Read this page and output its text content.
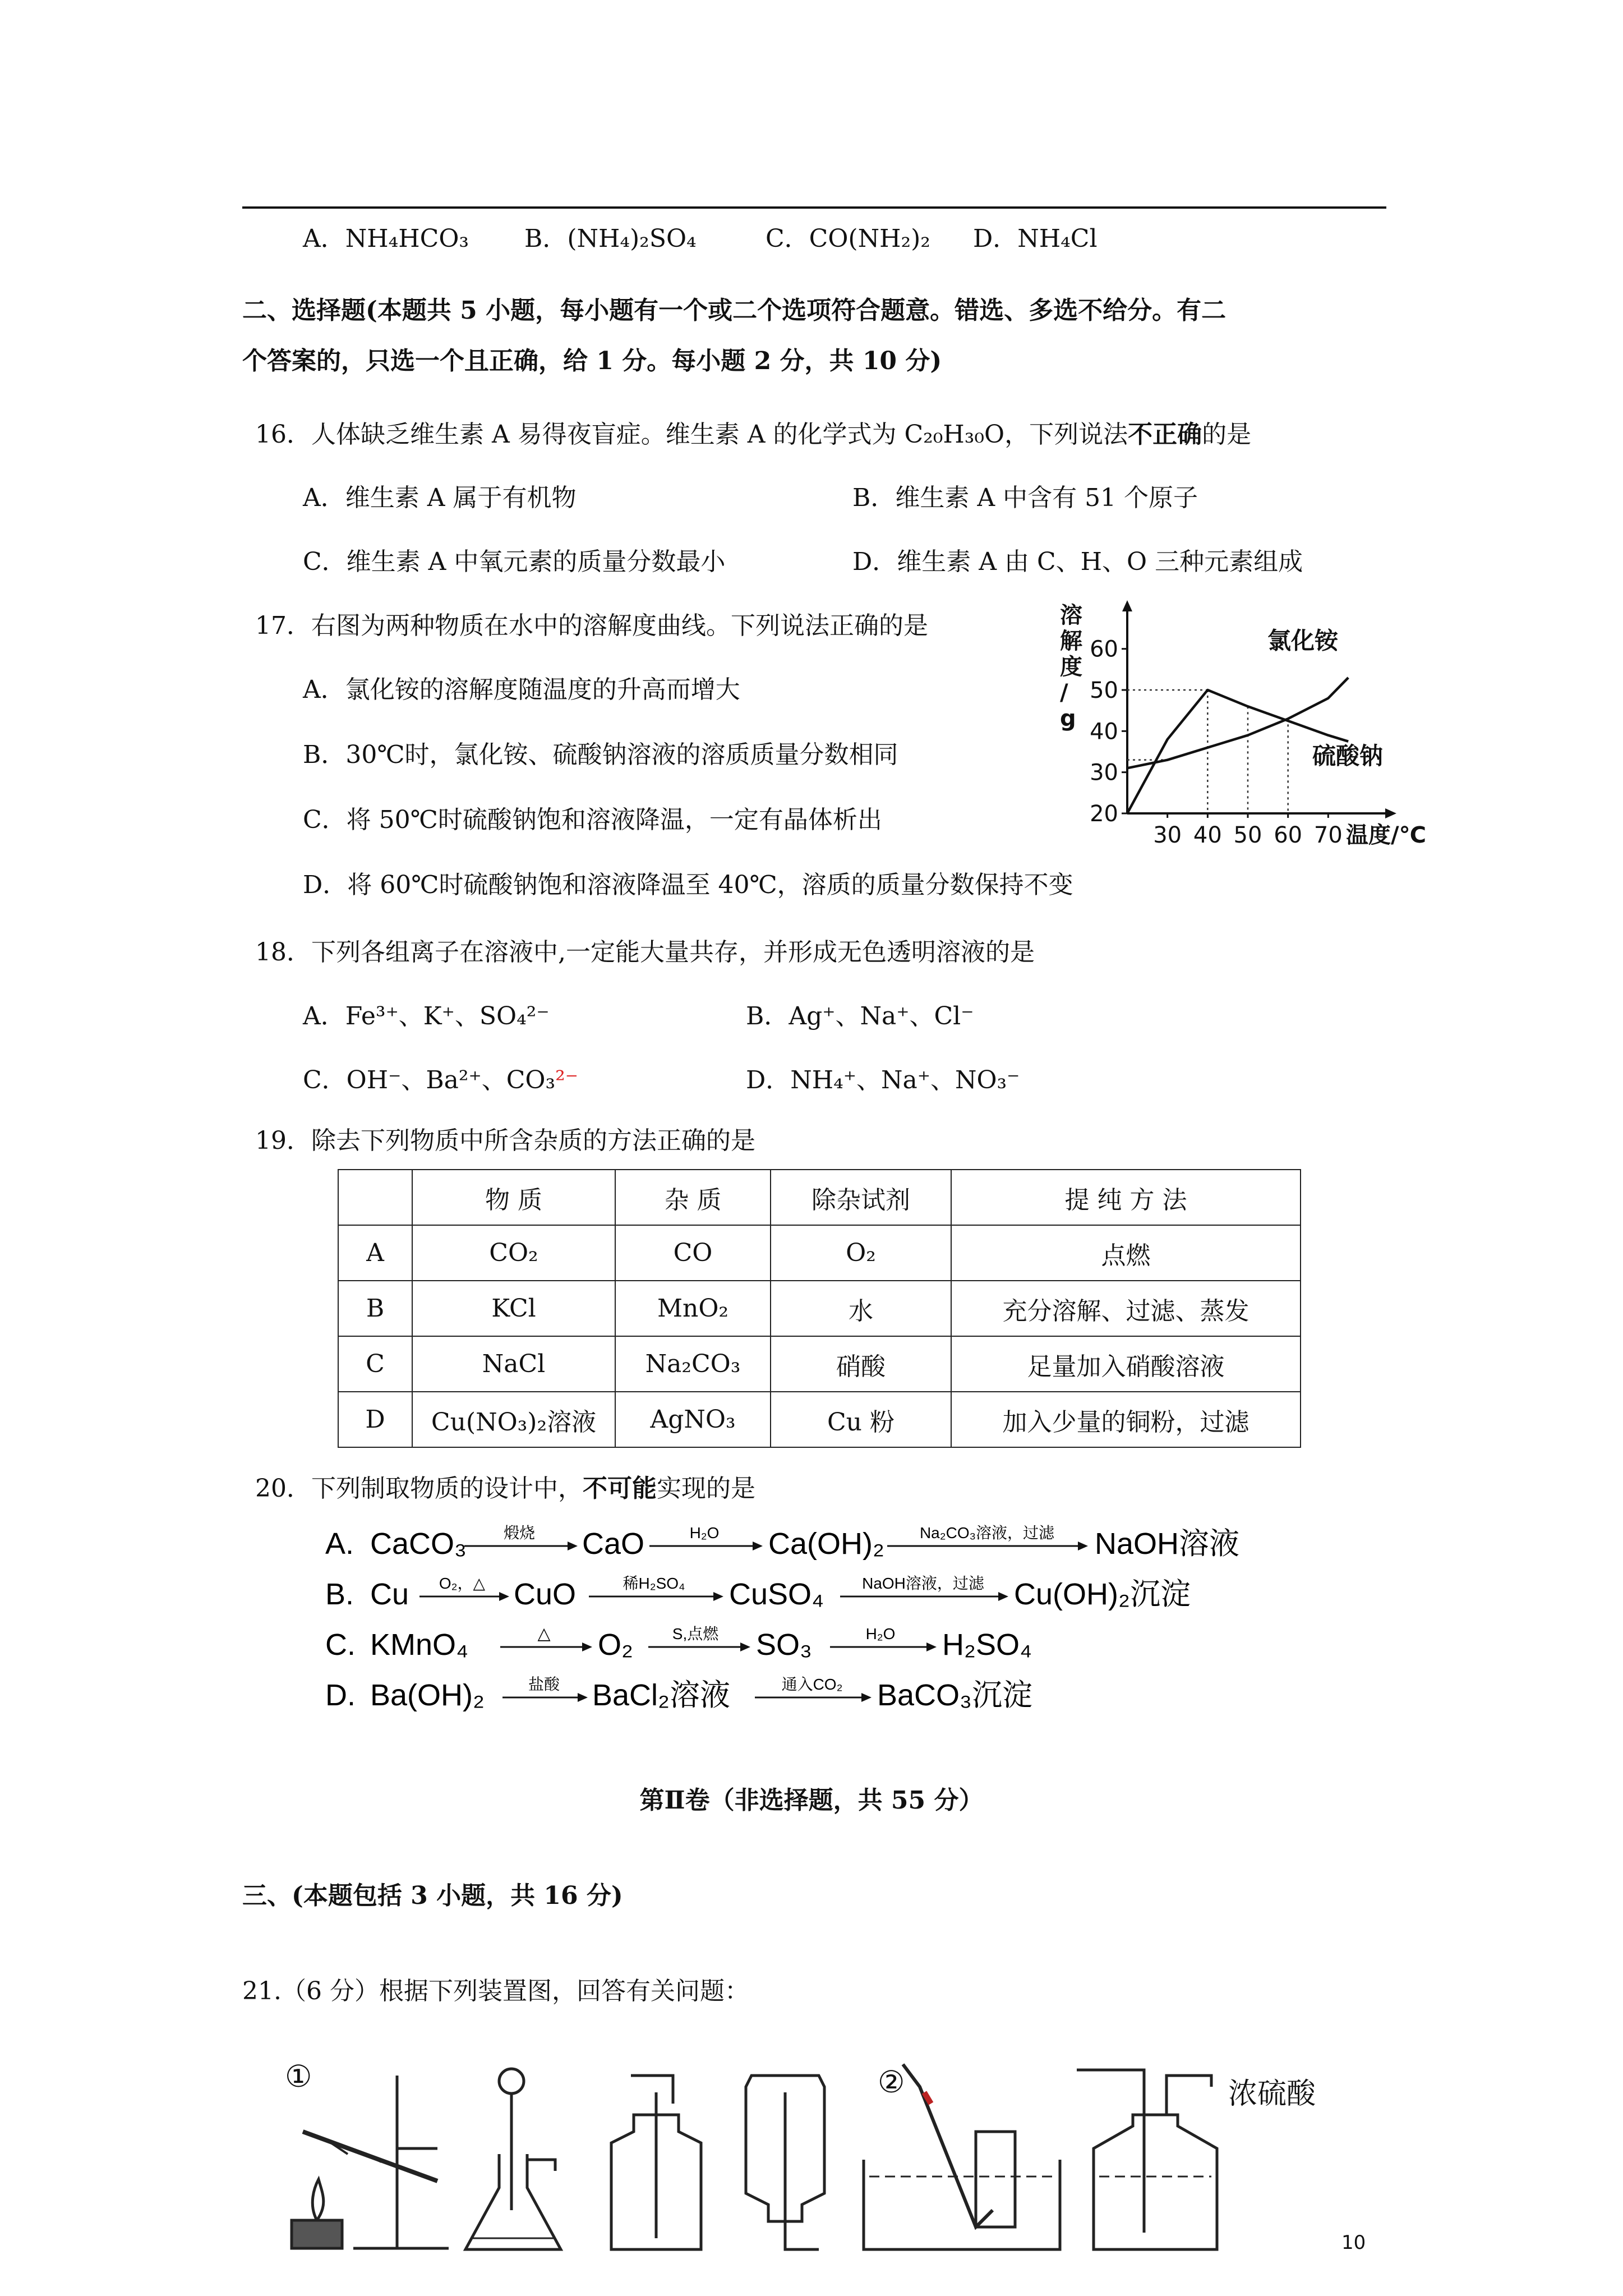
A．NH₄HCO₃ B．(NH₄)₂SO₄	C．CO(NH₂)₂ D．NH₄Cl
二、选择题(本题共 5 小题，每小题有一个或二个选项符合题意。错选、多选不给分。有二
个答案的，只选一个且正确，给 1 分。每小题 2 分，共 10 分)
16．人体缺乏维生素 A 易得夜盲症。维生素 A 的化学式为 C₂₀H₃₀O，下列说法不正确的是
A．维生素 A 属于有机物	B．维生素 A 中含有 51 个原子
C．维生素 A 中氧元素的质量分数最小	D．维生素 A 由 C、H、O 三种元素组成
17．右图为两种物质在水中的溶解度曲线。下列说法正确的是
A．氯化铵的溶解度随温度的升高而增大
B．30℃时，氯化铵、硫酸钠溶液的溶质质量分数相同
C．将 50℃时硫酸钠饱和溶液降温，一定有晶体析出
D．将 60℃时硫酸钠饱和溶液降温至 40℃，溶质的质量分数保持不变
20
30
40
50
60
30 40 50 60 70
氯化铵
硫酸钠
溶
解
度
/
g
温度/℃
18．下列各组离子在溶液中,一定能大量共存，并形成无色透明溶液的是
A．Fe³⁺、K⁺、SO₄²⁻	B．Ag⁺、Na⁺、Cl⁻
C．OH⁻、Ba²⁺、CO₃²⁻	D．NH₄⁺、Na⁺、NO₃⁻
19．除去下列物质中所含杂质的方法正确的是
	物 质	杂 质	除杂试剂	提 纯 方 法
A	CO₂	CO	O₂	点燃
B	KCl	MnO₂	水	充分溶解、过滤、蒸发
C	NaCl	Na₂CO₃	硝酸	足量加入硝酸溶液
D	Cu(NO₃)₂溶液	AgNO₃	Cu 粉	加入少量的铜粉，过滤
20．下列制取物质的设计中，不可能实现的是
A. CaCO₃ 煅烧 CaO	H₂O Ca(OH)₂ Na₂CO₃溶液，过滤 NaOH溶液
B. Cu O₂，△ CuO	稀H₂SO₄ CuSO₄ NaOH溶液，过滤 Cu(OH)₂沉淀
C. KMnO₄	△ O₂ S,点燃 SO₃	H₂O H₂SO₄
D. Ba(OH)₂	盐酸 BaCl₂溶液	通入CO₂ BaCO₃沉淀
第Ⅱ卷（非选择题，共 55 分）
三、(本题包括 3 小题，共 16 分)
21.（6 分）根据下列装置图，回答有关问题：
①	②	浓硫酸
10
